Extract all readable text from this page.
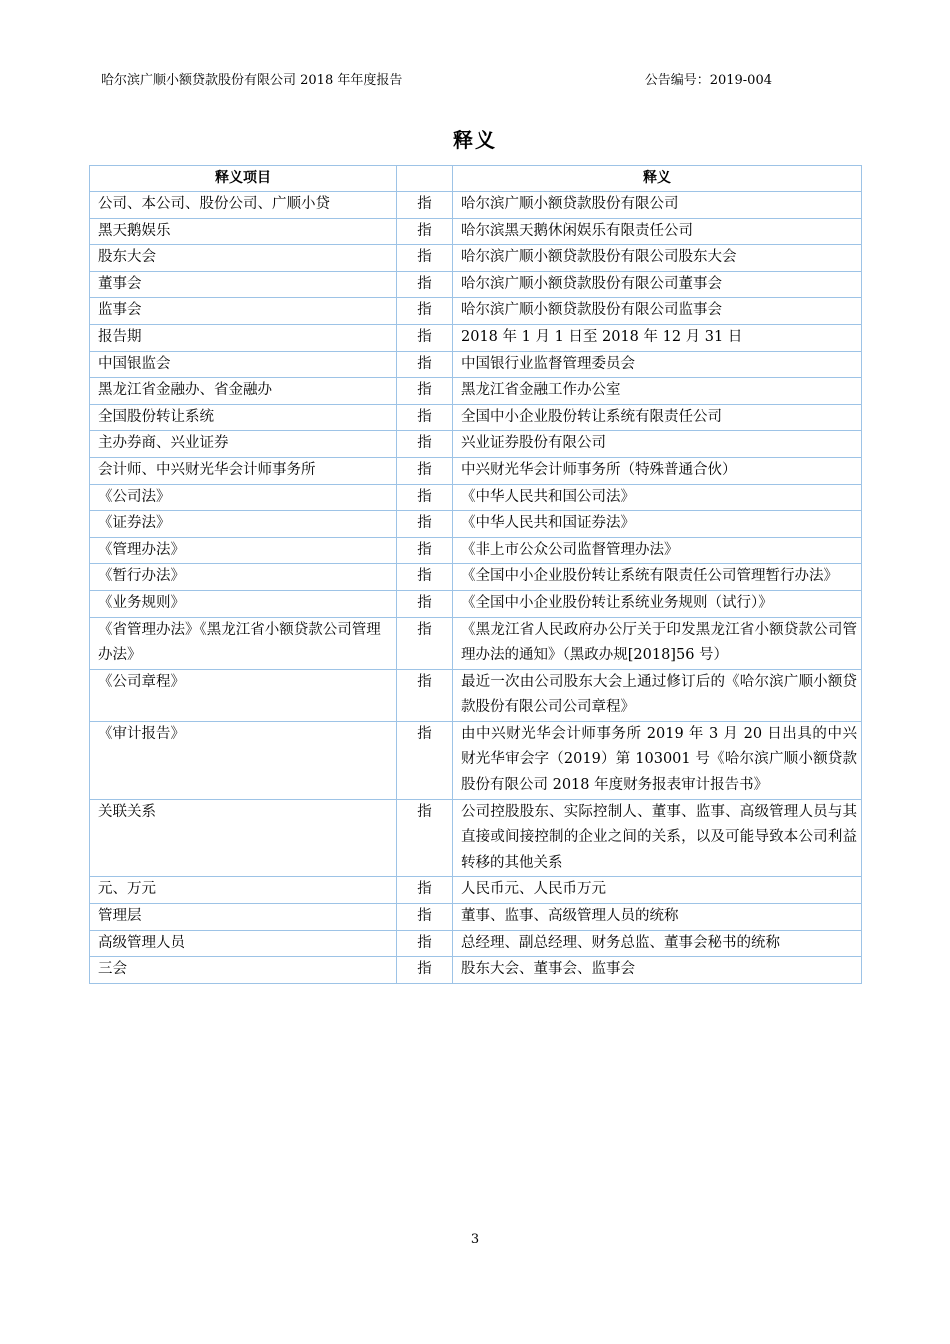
哈尔滨广顺小额贷款股份有限公司 2018 年年度报告	公告编号：2019-004
释义
释义项目		释义
公司、本公司、股份公司、广顺小贷	指	哈尔滨广顺小额贷款股份有限公司
黑天鹅娱乐	指	哈尔滨黑天鹅休闲娱乐有限责任公司
股东大会	指	哈尔滨广顺小额贷款股份有限公司股东大会
董事会	指	哈尔滨广顺小额贷款股份有限公司董事会
监事会	指	哈尔滨广顺小额贷款股份有限公司监事会
报告期	指	2018 年 1 月 1 日至 2018 年 12 月 31 日
中国银监会	指	中国银行业监督管理委员会
黑龙江省金融办、省金融办	指	黑龙江省金融工作办公室
全国股份转让系统	指	全国中小企业股份转让系统有限责任公司
主办券商、兴业证券	指	兴业证券股份有限公司
会计师、中兴财光华会计师事务所	指	中兴财光华会计师事务所（特殊普通合伙）
《公司法》	指	《中华人民共和国公司法》
《证券法》	指	《中华人民共和国证券法》
《管理办法》	指	《非上市公众公司监督管理办法》
《暂行办法》	指	《全国中小企业股份转让系统有限责任公司管理暂行办法》
《业务规则》	指	《全国中小企业股份转让系统业务规则（试行）》
《省管理办法》《黑龙江省小额贷款公司管理办法》	指	《黑龙江省人民政府办公厅关于印发黑龙江省小额贷款公司管理办法的通知》（黑政办规[2018]56 号）
《公司章程》	指	最近一次由公司股东大会上通过修订后的《哈尔滨广顺小额贷款股份有限公司公司章程》
《审计报告》	指	由中兴财光华会计师事务所 2019 年 3 月 20 日出具的中兴财光华审会字（2019）第 103001 号《哈尔滨广顺小额贷款股份有限公司 2018 年度财务报表审计报告书》
关联关系	指	公司控股股东、实际控制人、董事、监事、高级管理人员与其直接或间接控制的企业之间的关系，以及可能导致本公司利益转移的其他关系
元、万元	指	人民币元、人民币万元
管理层	指	董事、监事、高级管理人员的统称
高级管理人员	指	总经理、副总经理、财务总监、董事会秘书的统称
三会	指	股东大会、董事会、监事会
3
